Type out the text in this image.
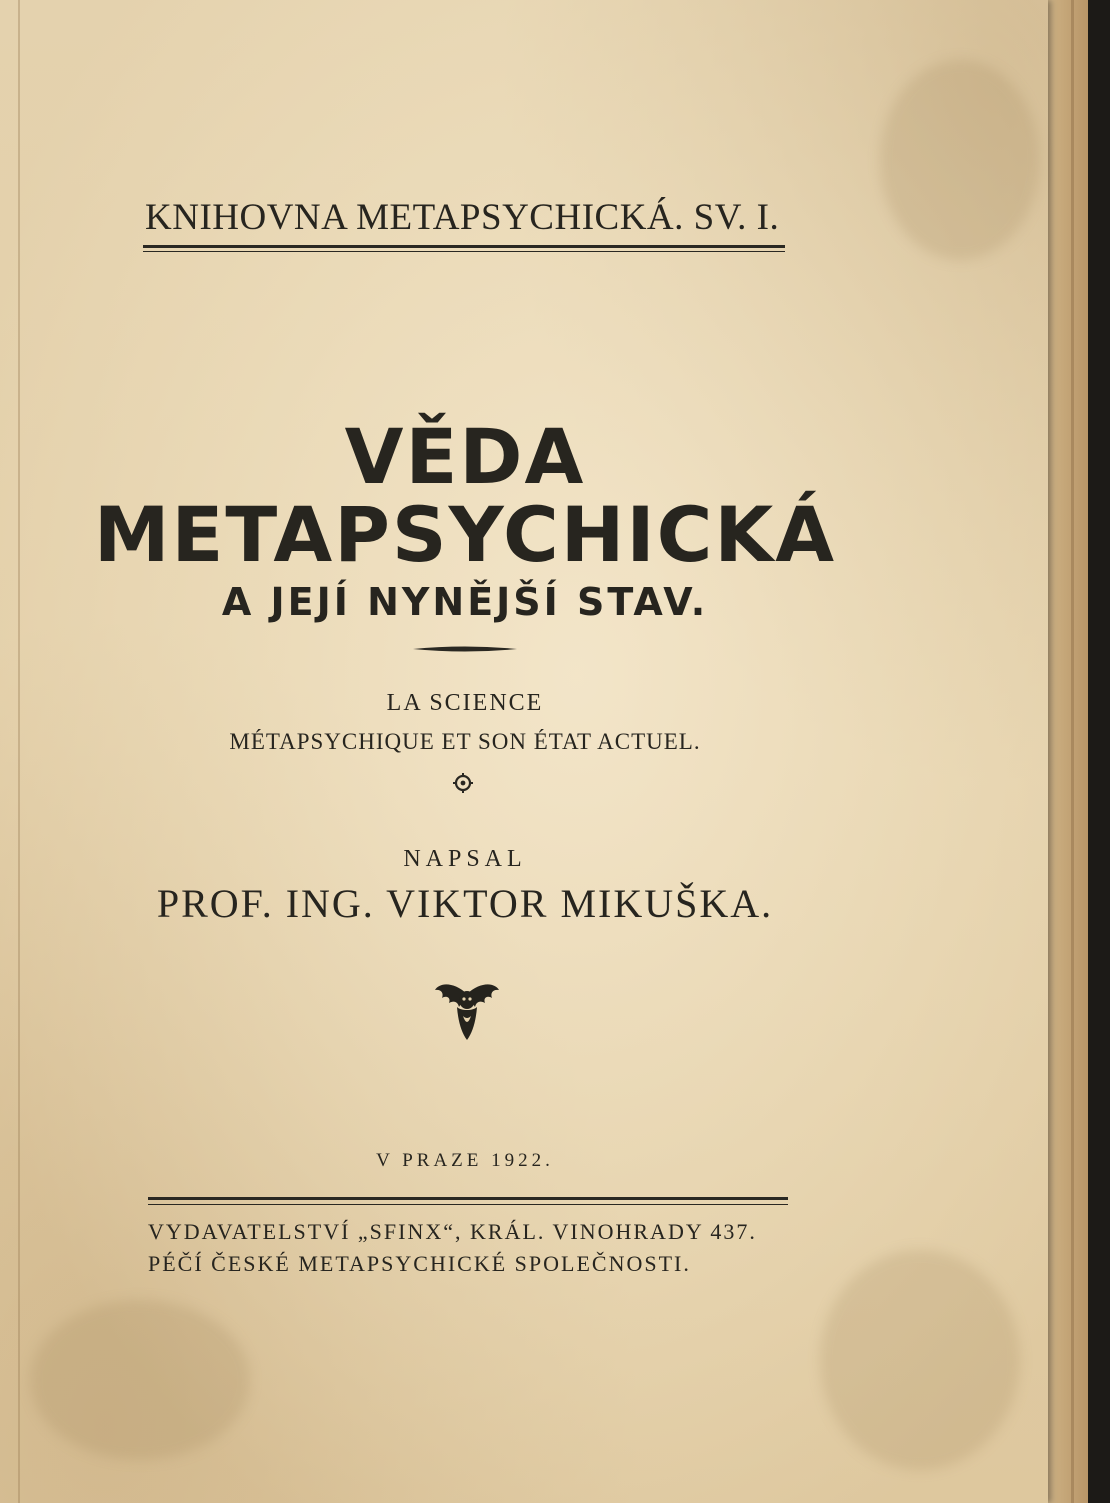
KNIHOVNA METAPSYCHICKÁ. SV. I.
VĚDA
METAPSYCHICKÁ
A JEJÍ NYNĚJŠÍ STAV.
LA SCIENCE
MÉTAPSYCHIQUE ET SON ÉTAT ACTUEL.
NAPSAL
PROF. ING. VIKTOR MIKUŠKA.
V PRAZE 1922.
VYDAVATELSTVÍ „SFINX“, KRÁL. VINOHRADY 437.
PÉČÍ ČESKÉ METAPSYCHICKÉ SPOLEČNOSTI.
